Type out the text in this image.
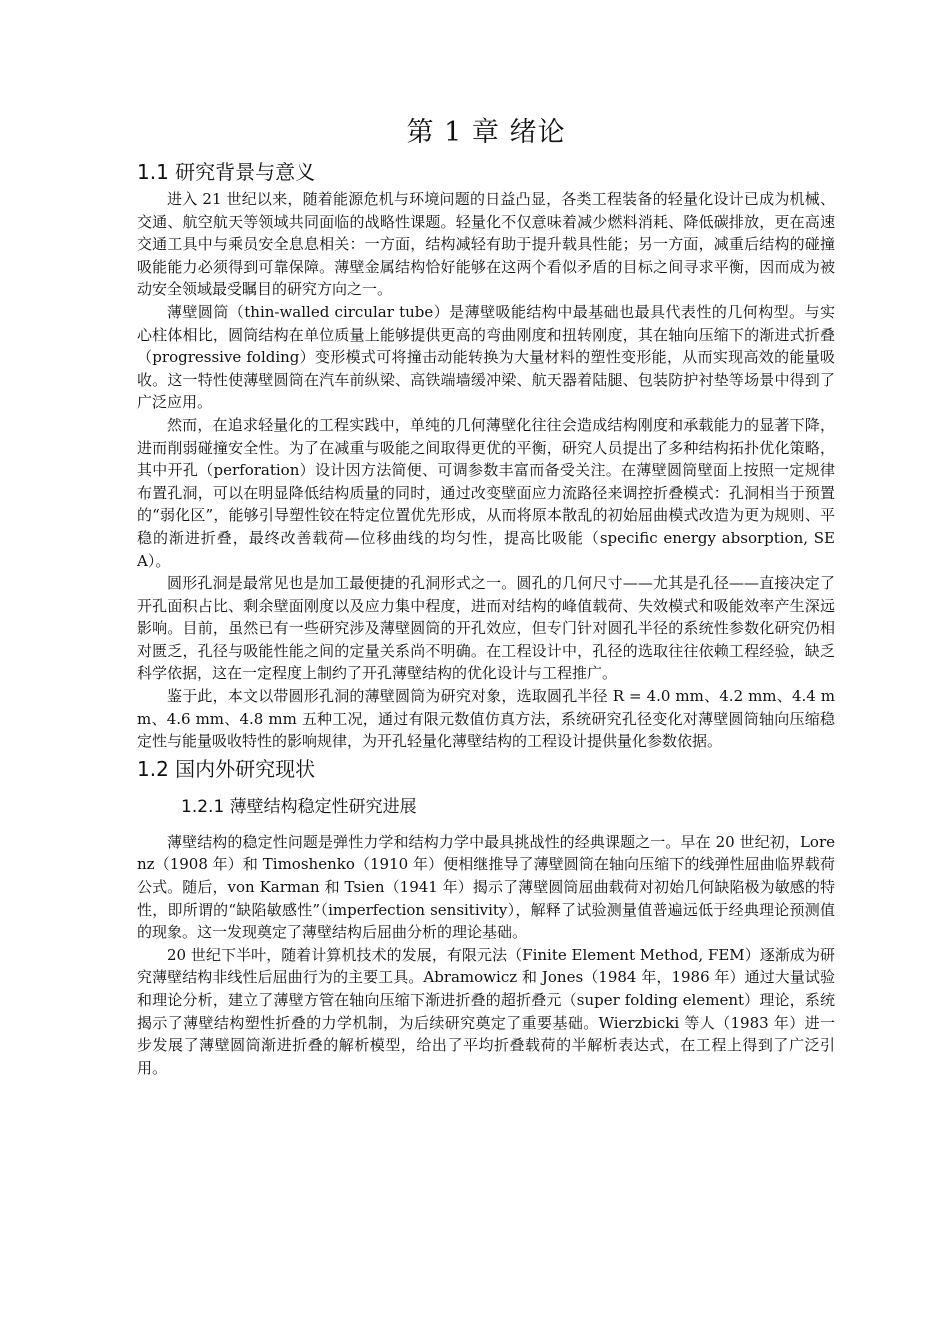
第 1 章 绪论
1.1 研究背景与意义

进入 21 世纪以来，随着能源危机与环境问题的日益凸显，各类工程装备的轻量化设计已成为机械、交通、航空航天等领域共同面临的战略性课题。轻量化不仅意味着减少燃料消耗、降低碳排放，更在高速交通工具中与乘员安全息息相关：一方面，结构减轻有助于提升载具性能；另一方面，减重后结构的碰撞吸能能力必须得到可靠保障。薄壁金属结构恰好能够在这两个看似矛盾的目标之间寻求平衡，因而成为被动安全领域最受瞩目的研究方向之一。

薄壁圆筒（thin-walled circular tube）是薄壁吸能结构中最基础也最具代表性的几何构型。与实心柱体相比，圆筒结构在单位质量上能够提供更高的弯曲刚度和扭转刚度，其在轴向压缩下的渐进式折叠（progressive folding）变形模式可将撞击动能转换为大量材料的塑性变形能，从而实现高效的能量吸收。这一特性使薄壁圆筒在汽车前纵梁、高铁端墙缓冲梁、航天器着陆腿、包装防护衬垫等场景中得到了广泛应用。

然而，在追求轻量化的工程实践中，单纯的几何薄壁化往往会造成结构刚度和承载能力的显著下降，进而削弱碰撞安全性。为了在减重与吸能之间取得更优的平衡，研究人员提出了多种结构拓扑优化策略，其中开孔（perforation）设计因方法简便、可调参数丰富而备受关注。在薄壁圆筒壁面上按照一定规律布置孔洞，可以在明显降低结构质量的同时，通过改变壁面应力流路径来调控折叠模式：孔洞相当于预置的“弱化区”，能够引导塑性铰在特定位置优先形成，从而将原本散乱的初始屈曲模式改造为更为规则、平稳的渐进折叠，最终改善载荷—位移曲线的均匀性，提高比吸能（specific energy absorption, SEA）。

圆形孔洞是最常见也是加工最便捷的孔洞形式之一。圆孔的几何尺寸——尤其是孔径——直接决定了开孔面积占比、剩余壁面刚度以及应力集中程度，进而对结构的峰值载荷、失效模式和吸能效率产生深远影响。目前，虽然已有一些研究涉及薄壁圆筒的开孔效应，但专门针对圆孔半径的系统性参数化研究仍相对匮乏，孔径与吸能性能之间的定量关系尚不明确。在工程设计中，孔径的选取往往依赖工程经验，缺乏科学依据，这在一定程度上制约了开孔薄壁结构的优化设计与工程推广。

鉴于此，本文以带圆形孔洞的薄壁圆筒为研究对象，选取圆孔半径 R = 4.0 mm、4.2 mm、4.4 mm、4.6 mm、4.8 mm 五种工况，通过有限元数值仿真方法，系统研究孔径变化对薄壁圆筒轴向压缩稳定性与能量吸收特性的影响规律，为开孔轻量化薄壁结构的工程设计提供量化参数依据。

1.2 国内外研究现状
1.2.1 薄壁结构稳定性研究进展

薄壁结构的稳定性问题是弹性力学和结构力学中最具挑战性的经典课题之一。早在 20 世纪初，Lorenz（1908 年）和 Timoshenko（1910 年）便相继推导了薄壁圆筒在轴向压缩下的线弹性屈曲临界载荷公式。随后，von Karman 和 Tsien（1941 年）揭示了薄壁圆筒屈曲载荷对初始几何缺陷极为敏感的特性，即所谓的“缺陷敏感性”（imperfection sensitivity），解释了试验测量值普遍远低于经典理论预测值的现象。这一发现奠定了薄壁结构后屈曲分析的理论基础。

20 世纪下半叶，随着计算机技术的发展，有限元法（Finite Element Method, FEM）逐渐成为研究薄壁结构非线性后屈曲行为的主要工具。Abramowicz 和 Jones（1984 年，1986 年）通过大量试验和理论分析，建立了薄壁方管在轴向压缩下渐进折叠的超折叠元（super folding element）理论，系统揭示了薄壁结构塑性折叠的力学机制，为后续研究奠定了重要基础。Wierzbicki 等人（1983 年）进一步发展了薄壁圆筒渐进折叠的解析模型，给出了平均折叠载荷的半解析表达式，在工程上得到了广泛引用。
